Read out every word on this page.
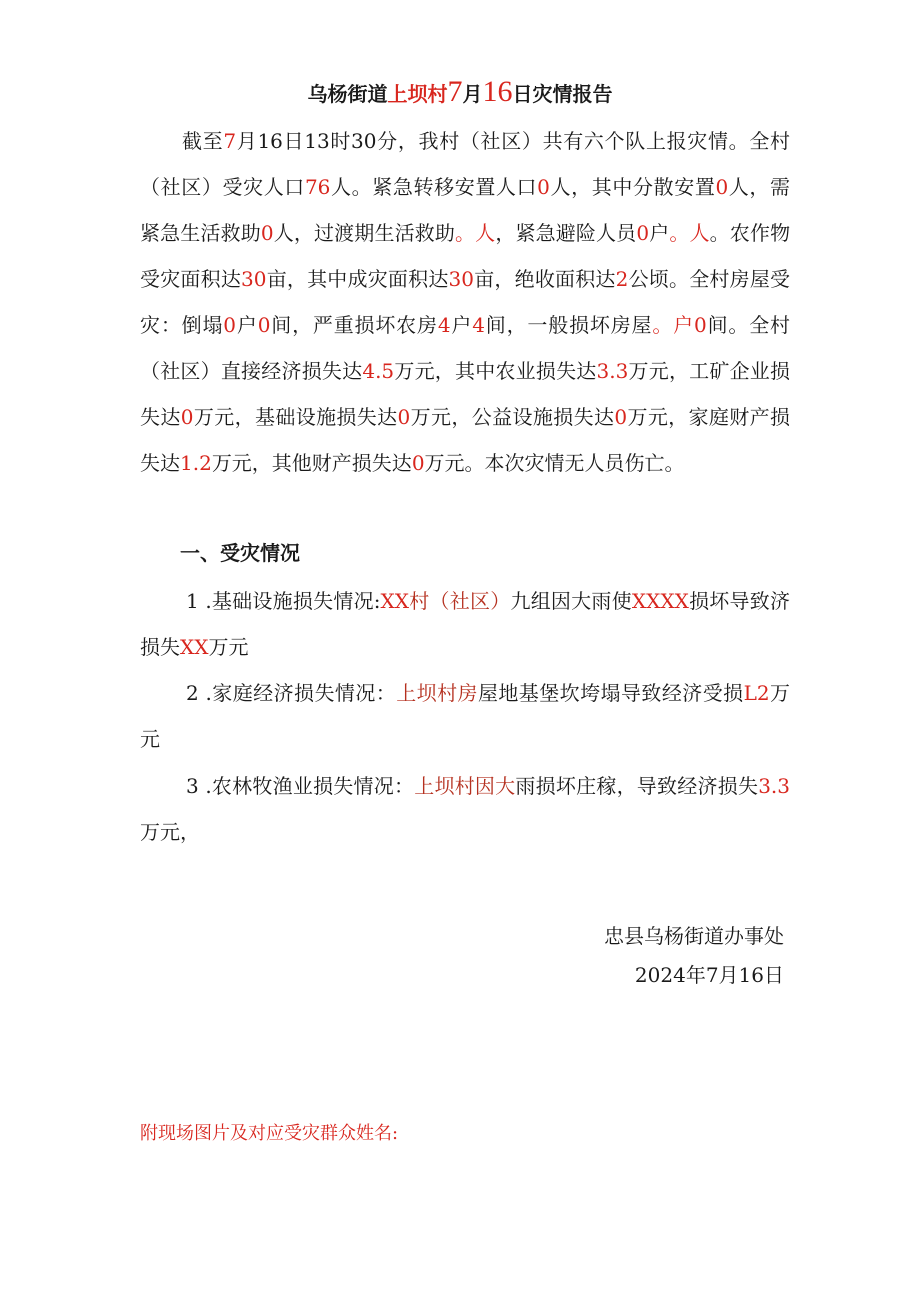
乌杨街道上坝村7月16日灾情报告
截至7月16日13时30分，我村（社区）共有六个队上报灾情。全村（社区）受灾人口76人。紧急转移安置人口0人，其中分散安置0人，需紧急生活救助0人，过渡期生活救助。人，紧急避险人员0户。人。农作物受灾面积达30亩，其中成灾面积达30亩，绝收面积达2公顷。全村房屋受灾：倒塌0户0间，严重损坏农房4户4间，一般损坏房屋。户0间。全村（社区）直接经济损失达4.5万元，其中农业损失达3.3万元，工矿企业损失达0万元，基础设施损失达0万元，公益设施损失达0万元，家庭财产损失达1.2万元，其他财产损失达0万元。本次灾情无人员伤亡。
一、受灾情况
1 .基础设施损失情况:XX村（社区）九组因大雨使XXXX损坏导致济损失XX万元
2 .家庭经济损失情况：上坝村房屋地基堡坎垮塌导致经济受损L2万元
3 .农林牧渔业损失情况：上坝村因大雨损坏庄稼，导致经济损失3.3万元，
忠县乌杨街道办事处
2024年7月16日
附现场图片及对应受灾群众姓名:
